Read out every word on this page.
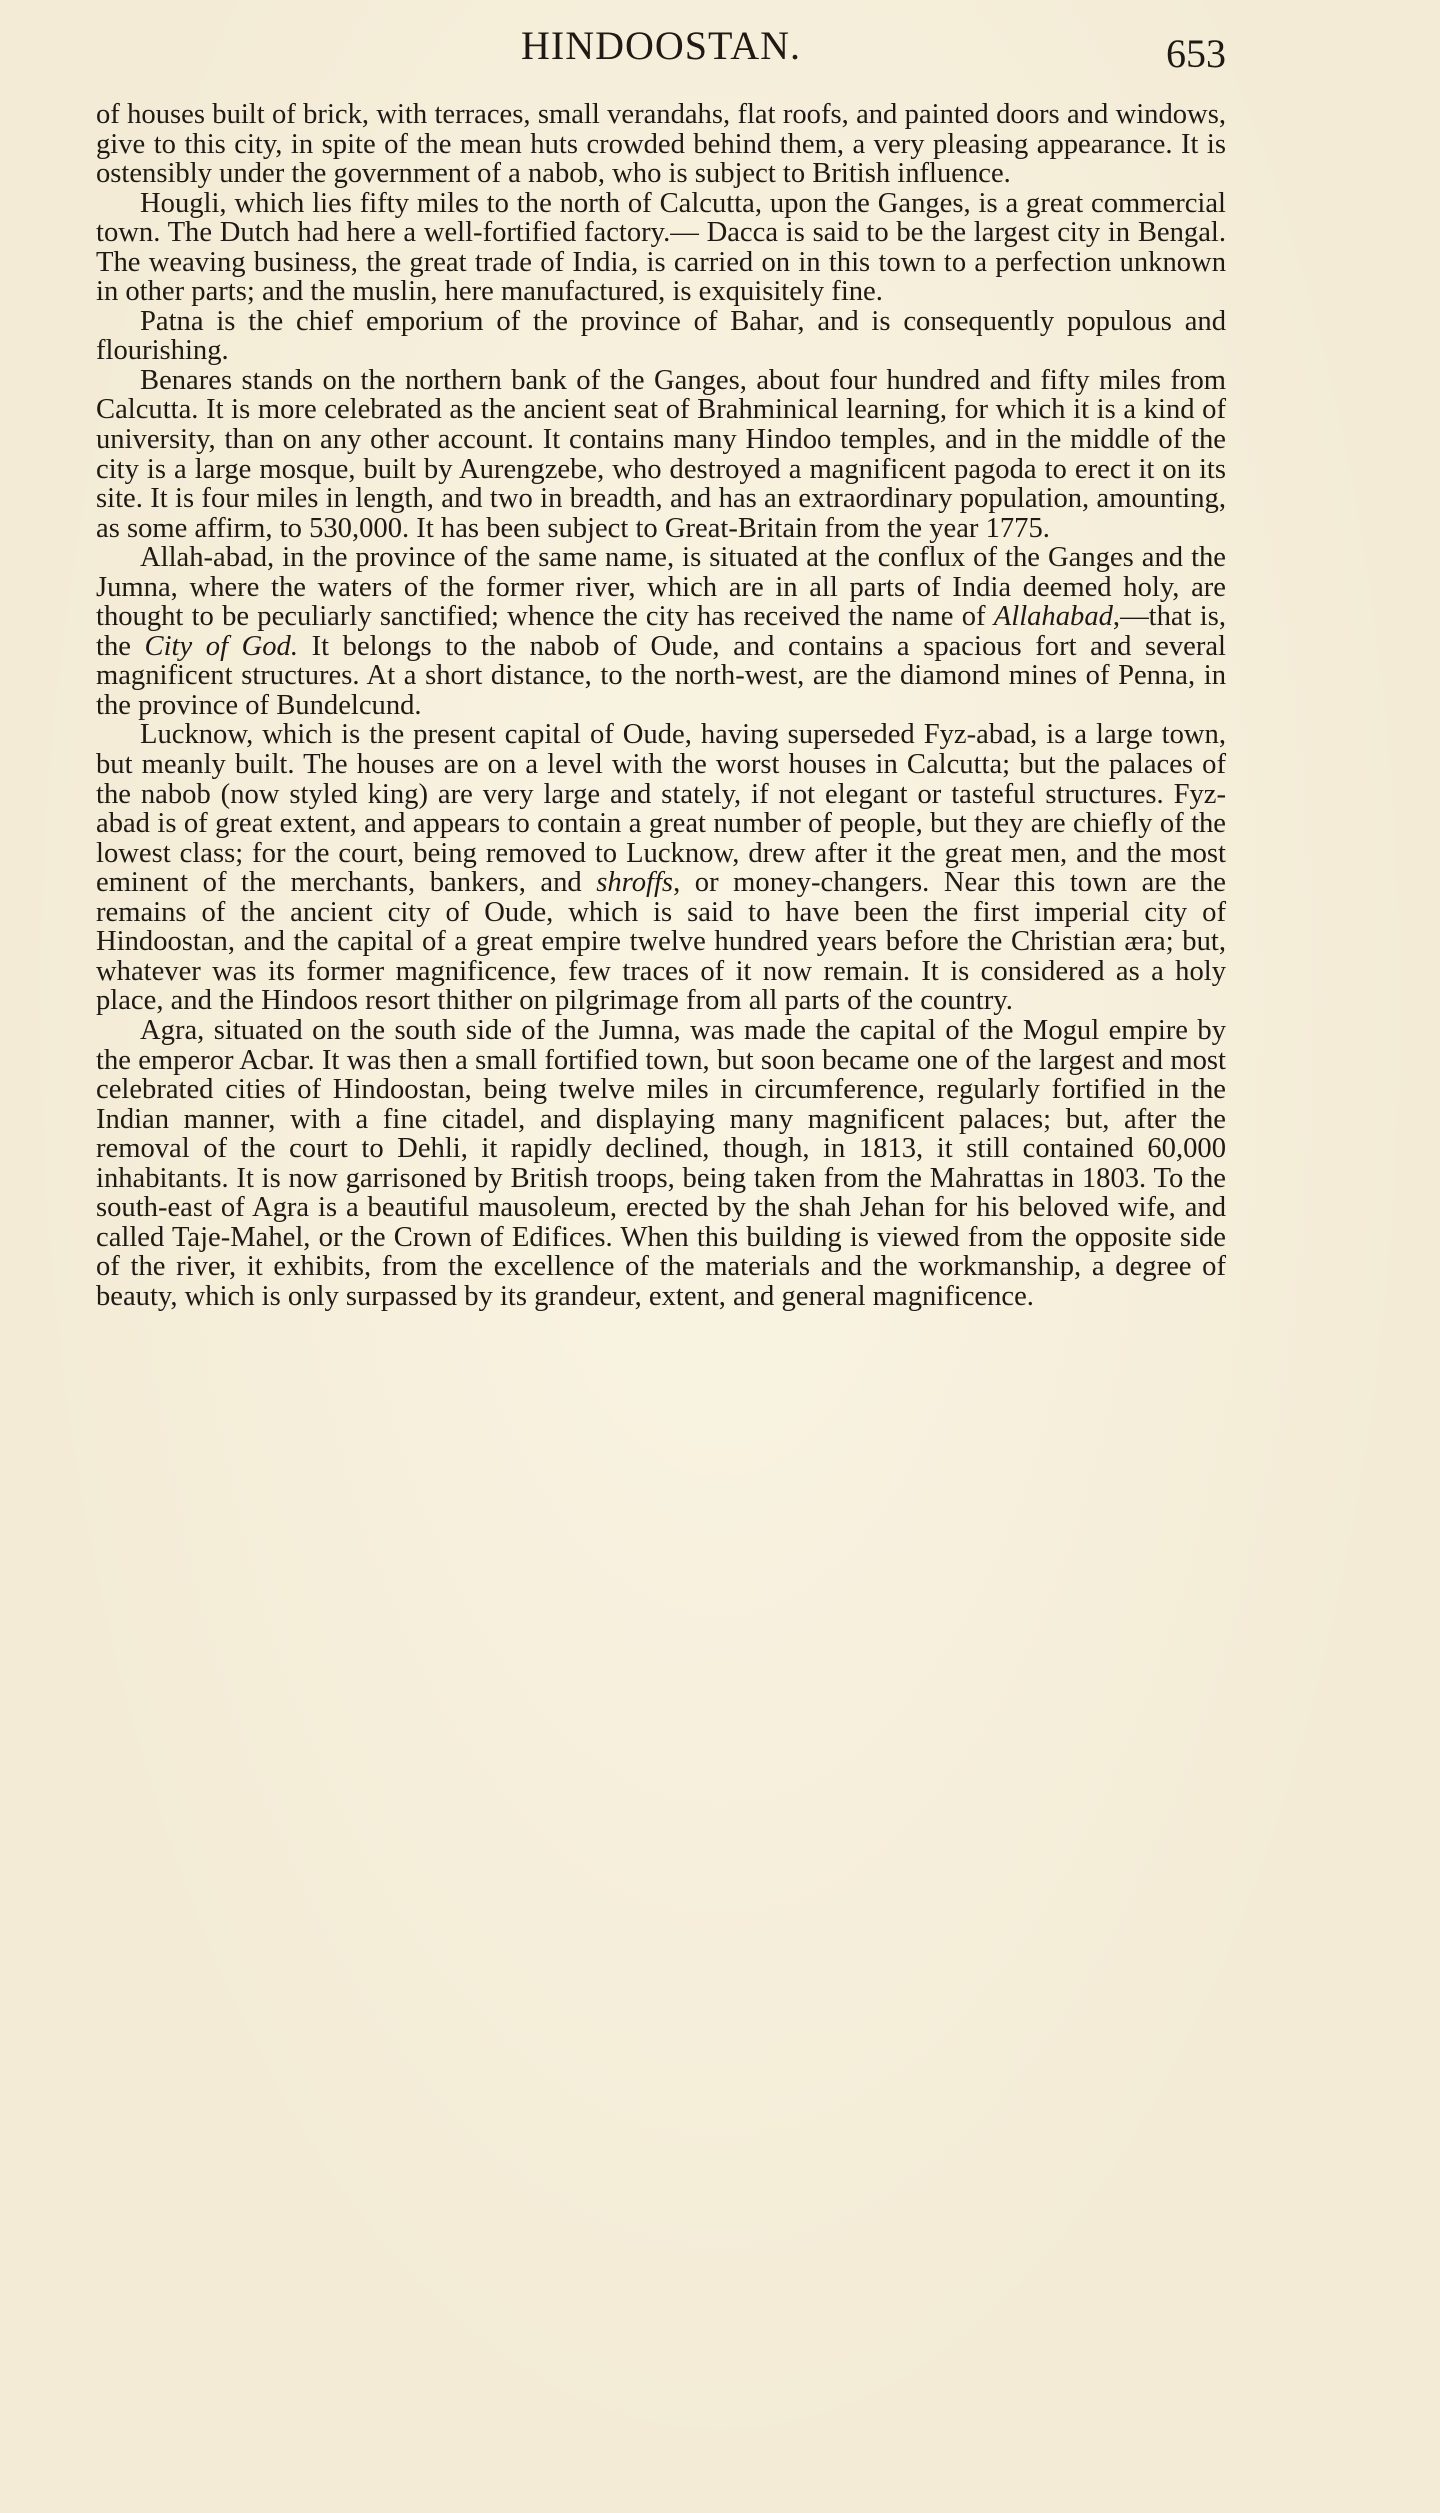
HINDOOSTAN.	653

of houses built of brick, with terraces, small verandahs, flat roofs, and painted doors and windows, give to this city, in spite of the mean huts crowded behind them, a very pleasing appearance. It is ostensibly under the government of a nabob, who is subject to British influence.

Hougli, which lies fifty miles to the north of Calcutta, upon the Ganges, is a great commercial town. The Dutch had here a well-fortified factory.— Dacca is said to be the largest city in Bengal. The weaving business, the great trade of India, is carried on in this town to a perfection unknown in other parts; and the muslin, here manufactured, is exquisitely fine.

Patna is the chief emporium of the province of Bahar, and is consequently populous and flourishing.

Benares stands on the northern bank of the Ganges, about four hundred and fifty miles from Calcutta. It is more celebrated as the ancient seat of Brahminical learning, for which it is a kind of university, than on any other account. It contains many Hindoo temples, and in the middle of the city is a large mosque, built by Aurengzebe, who destroyed a magnificent pagoda to erect it on its site. It is four miles in length, and two in breadth, and has an extraordinary population, amounting, as some affirm, to 530,000. It has been subject to Great-Britain from the year 1775.

Allah-abad, in the province of the same name, is situated at the conflux of the Ganges and the Jumna, where the waters of the former river, which are in all parts of India deemed holy, are thought to be peculiarly sanctified; whence the city has received the name of Allahabad,—that is, the City of God. It belongs to the nabob of Oude, and contains a spacious fort and several magnificent structures. At a short distance, to the north-west, are the diamond mines of Penna, in the province of Bundelcund.

Lucknow, which is the present capital of Oude, having superseded Fyz-abad, is a large town, but meanly built. The houses are on a level with the worst houses in Calcutta; but the palaces of the nabob (now styled king) are very large and stately, if not elegant or tasteful structures. Fyz-abad is of great extent, and appears to contain a great number of people, but they are chiefly of the lowest class; for the court, being removed to Lucknow, drew after it the great men, and the most eminent of the merchants, bankers, and shroffs, or money-changers. Near this town are the remains of the ancient city of Oude, which is said to have been the first imperial city of Hindoostan, and the capital of a great empire twelve hundred years before the Christian æra; but, whatever was its former magnificence, few traces of it now remain. It is considered as a holy place, and the Hindoos resort thither on pilgrimage from all parts of the country.

Agra, situated on the south side of the Jumna, was made the capital of the Mogul empire by the emperor Acbar. It was then a small fortified town, but soon became one of the largest and most celebrated cities of Hindoostan, being twelve miles in circumference, regularly fortified in the Indian manner, with a fine citadel, and displaying many magnificent palaces; but, after the removal of the court to Dehli, it rapidly declined, though, in 1813, it still contained 60,000 inhabitants. It is now garrisoned by British troops, being taken from the Mahrattas in 1803. To the south-east of Agra is a beautiful mausoleum, erected by the shah Jehan for his beloved wife, and called Taje-Mahel, or the Crown of Edifices. When this building is viewed from the opposite side of the river, it exhibits, from the excellence of the materials and the workmanship, a degree of beauty, which is only surpassed by its grandeur, extent, and general magnificence.
